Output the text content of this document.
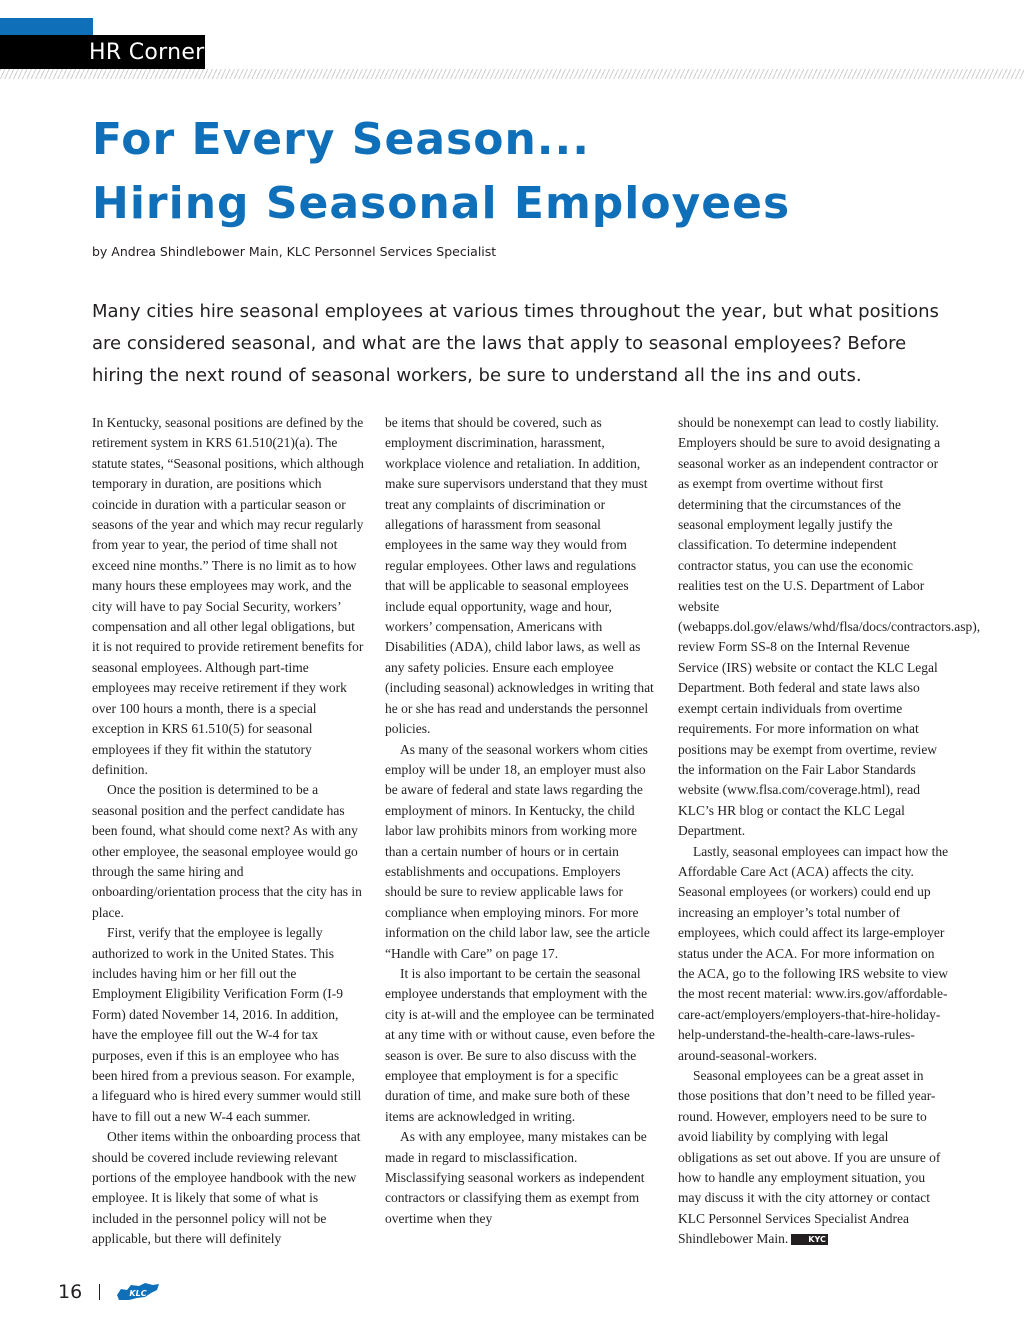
HR Corner
For Every Season...
Hiring Seasonal Employees
by Andrea Shindlebower Main, KLC Personnel Services Specialist
Many cities hire seasonal employees at various times throughout the year, but what positions are considered seasonal, and what are the laws that apply to seasonal employees? Before hiring the next round of seasonal workers, be sure to understand all the ins and outs.

In Kentucky, seasonal positions are defined by the retirement system in KRS 61.510(21)(a). The statute states, “Seasonal positions, which although temporary in duration, are positions which coincide in duration with a particular season or seasons of the year and which may recur regularly from year to year, the period of time shall not exceed nine months.” There is no limit as to how many hours these employees may work, and the city will have to pay Social Security, workers’ compensation and all other legal obligations, but it is not required to provide retirement benefits for seasonal employees. Although part-time employees may receive retirement if they work over 100 hours a month, there is a special exception in KRS 61.510(5) for seasonal employees if they fit within the statutory definition.

Once the position is determined to be a seasonal position and the perfect candidate has been found, what should come next? As with any other employee, the seasonal employee would go through the same hiring and onboarding/orientation process that the city has in place.

First, verify that the employee is legally authorized to work in the United States. This includes having him or her fill out the Employment Eligibility Verification Form (I-9 Form) dated November 14, 2016. In addition, have the employee fill out the W-4 for tax purposes, even if this is an employee who has been hired from a previous season. For example, a lifeguard who is hired every summer would still have to fill out a new W-4 each summer.

Other items within the onboarding process that should be covered include reviewing relevant portions of the employee handbook with the new employee. It is likely that some of what is included in the personnel policy will not be applicable, but there will definitely

be items that should be covered, such as employment discrimination, harassment, workplace violence and retaliation. In addition, make sure supervisors understand that they must treat any complaints of discrimination or allegations of harassment from seasonal employees in the same way they would from regular employees. Other laws and regulations that will be applicable to seasonal employees include equal opportunity, wage and hour, workers’ compensation, Americans with Disabilities (ADA), child labor laws, as well as any safety policies. Ensure each employee (including seasonal) acknowledges in writing that he or she has read and understands the personnel policies.

As many of the seasonal workers whom cities employ will be under 18, an employer must also be aware of federal and state laws regarding the employment of minors. In Kentucky, the child labor law prohibits minors from working more than a certain number of hours or in certain establishments and occupations. Employers should be sure to review applicable laws for compliance when employing minors. For more information on the child labor law, see the article “Handle with Care” on page 17.

It is also important to be certain the seasonal employee understands that employment with the city is at-will and the employee can be terminated at any time with or without cause, even before the season is over. Be sure to also discuss with the employee that employment is for a specific duration of time, and make sure both of these items are acknowledged in writing.

As with any employee, many mistakes can be made in regard to misclassification. Misclassifying seasonal workers as independent contractors or classifying them as exempt from overtime when they

should be nonexempt can lead to costly liability. Employers should be sure to avoid designating a seasonal worker as an independent contractor or as exempt from overtime without first determining that the circumstances of the seasonal employment legally justify the classification. To determine independent contractor status, you can use the economic realities test on the U.S. Department of Labor website (webapps.dol.gov/elaws/whd/flsa/docs/contractors.asp), review Form SS-8 on the Internal Revenue Service (IRS) website or contact the KLC Legal Department. Both federal and state laws also exempt certain individuals from overtime requirements. For more information on what positions may be exempt from overtime, review the information on the Fair Labor Standards website (www.flsa.com/coverage.html), read KLC’s HR blog or contact the KLC Legal Department.

Lastly, seasonal employees can impact how the Affordable Care Act (ACA) affects the city. Seasonal employees (or workers) could end up increasing an employer’s total number of employees, which could affect its large-employer status under the ACA. For more information on the ACA, go to the following IRS website to view the most recent material: www.irs.gov/affordable-care-act/employers/employers-that-hire-holiday-help-understand-the-health-care-laws-rules-around-seasonal-workers.

Seasonal employees can be a great asset in those positions that don’t need to be filled year-round. However, employers need to be sure to avoid liability by complying with legal obligations as set out above. If you are unsure of how to handle any employment situation, you may discuss it with the city attorney or contact KLC Personnel Services Specialist Andrea Shindlebower Main.	KYC

16	KLC
